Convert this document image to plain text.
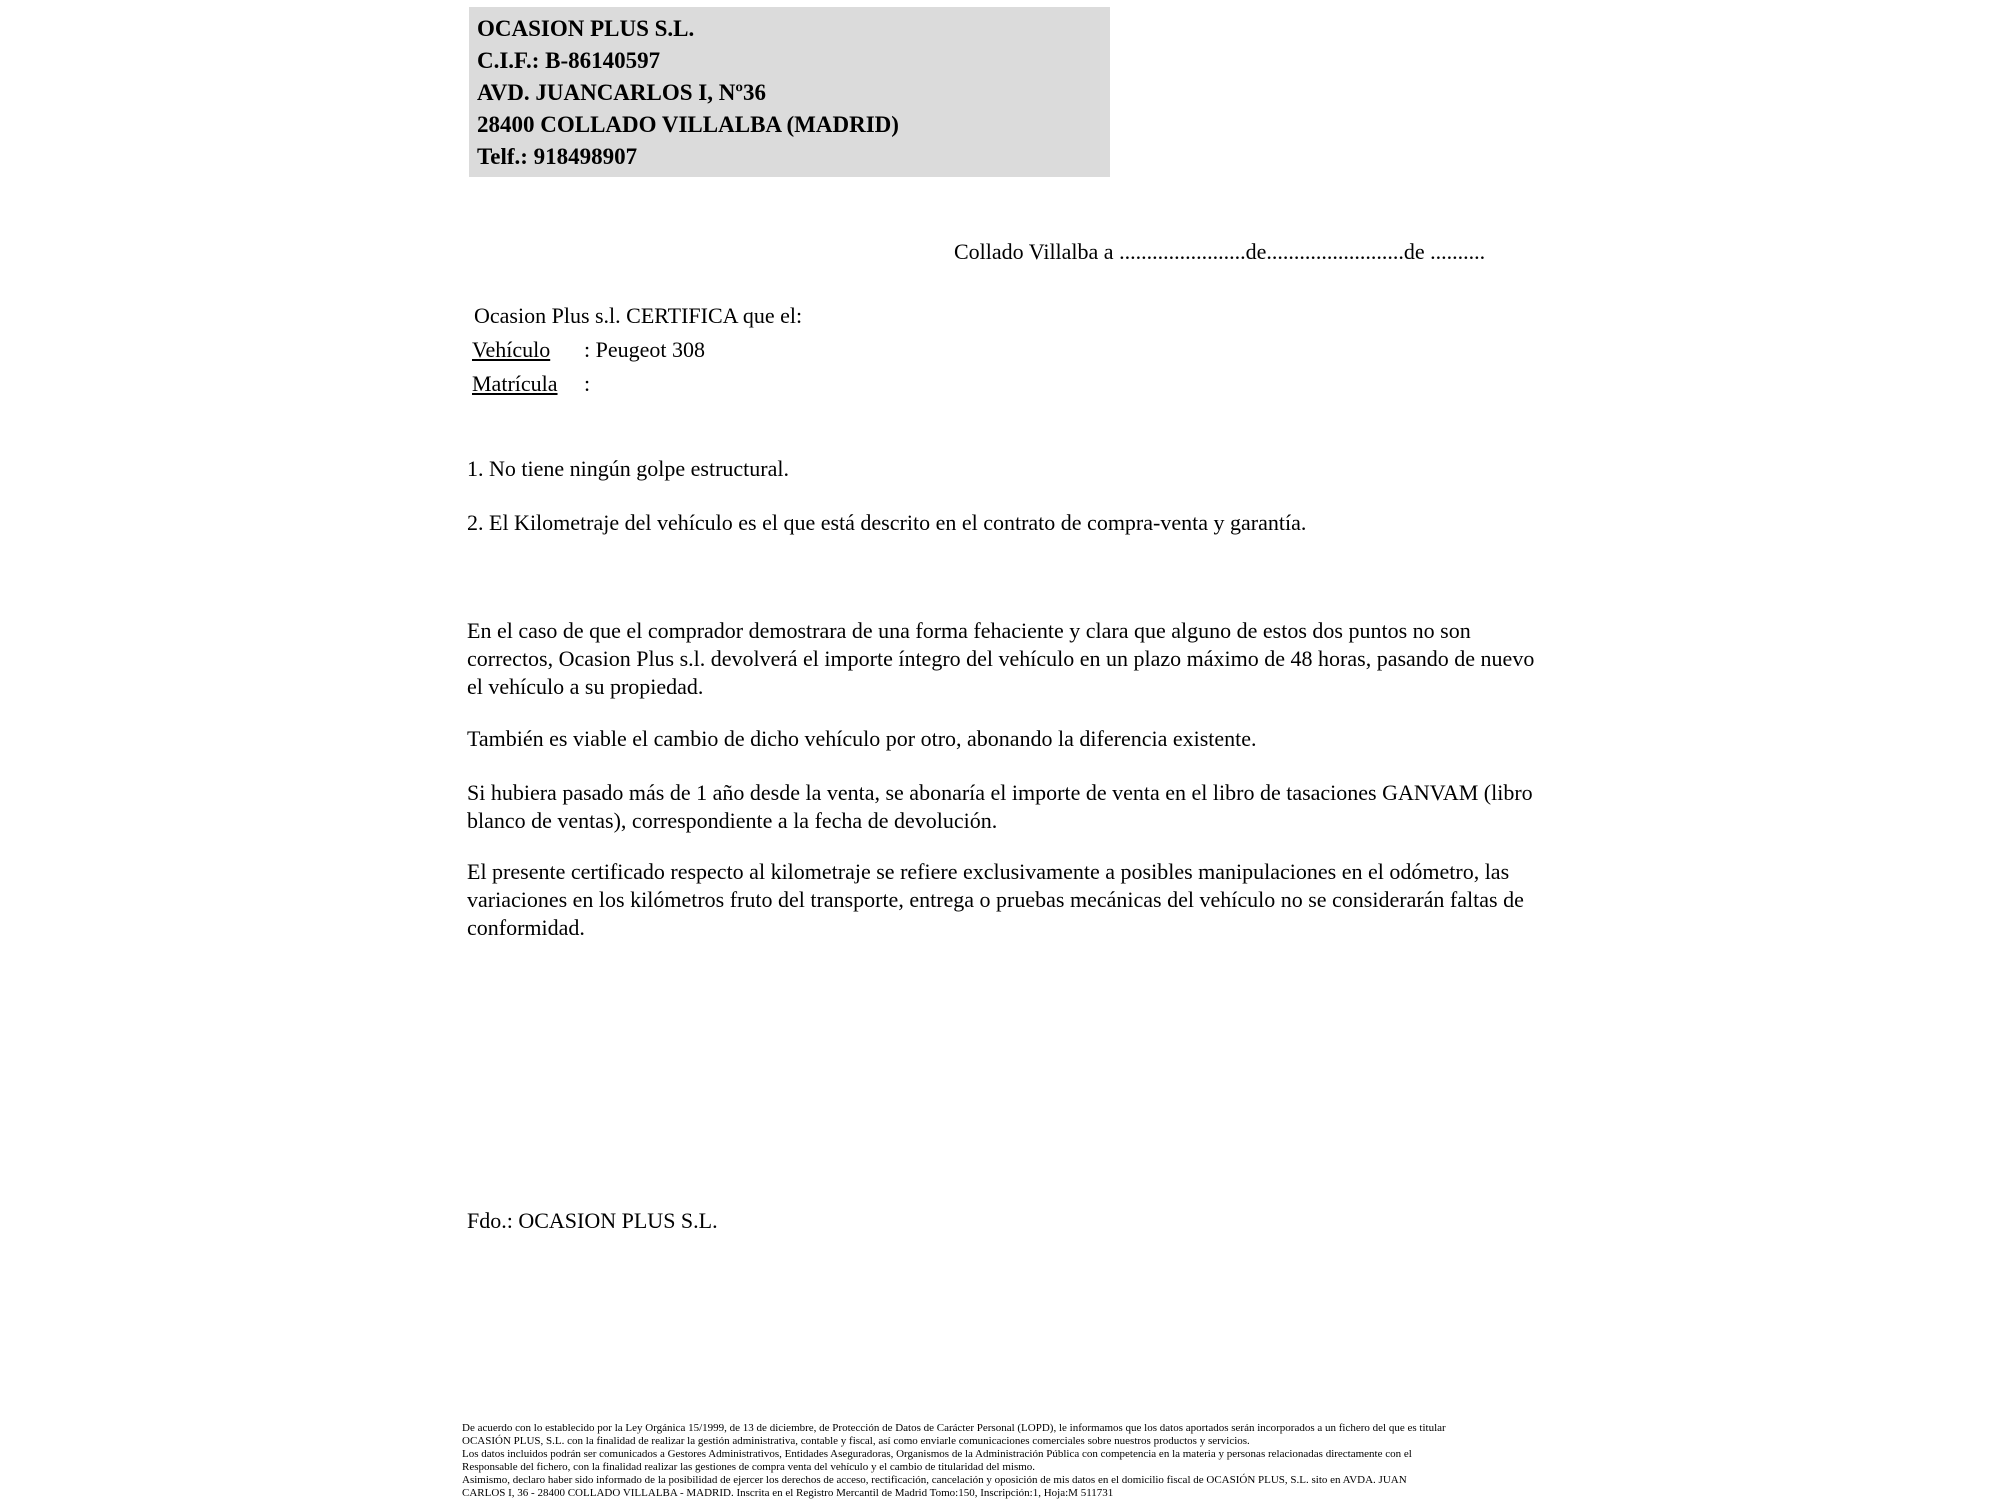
OCASION PLUS S.L.
C.I.F.: B-86140597
AVD. JUANCARLOS I, Nº36
28400 COLLADO VILLALBA (MADRID)
Telf.: 918498907
Collado Villalba a .......................de.........................de ..........
Ocasion Plus s.l. CERTIFICA que el:
Vehículo : Peugeot 308
Matrícula :
1. No tiene ningún golpe estructural.
2. El Kilometraje del vehículo es el que está descrito en el contrato de compra-venta y garantía.
En el caso de que el comprador demostrara de una forma fehaciente y clara que alguno de estos dos puntos no son correctos, Ocasion Plus s.l. devolverá el importe íntegro del vehículo en un plazo máximo de 48 horas, pasando de nuevo el vehículo a su propiedad.
También es viable el cambio de dicho vehículo por otro, abonando la diferencia existente.
Si hubiera pasado más de 1 año desde la venta, se abonaría el importe de venta en el libro de tasaciones GANVAM (libro blanco de ventas), correspondiente a la fecha de devolución.
El presente certificado respecto al kilometraje se refiere exclusivamente a posibles manipulaciones en el odómetro, las variaciones en los kilómetros fruto del transporte, entrega o pruebas mecánicas del vehículo no se considerarán faltas de conformidad.
Fdo.: OCASION PLUS S.L.
De acuerdo con lo establecido por la Ley Orgánica 15/1999, de 13 de diciembre, de Protección de Datos de Carácter Personal (LOPD), le informamos que los datos aportados serán incorporados a un fichero del que es titular
OCASIÓN PLUS, S.L. con la finalidad de realizar la gestión administrativa, contable y fiscal, así como enviarle comunicaciones comerciales sobre nuestros productos y servicios.
Los datos incluidos podrán ser comunicados a Gestores Administrativos, Entidades Aseguradoras, Organismos de la Administración Pública con competencia en la materia y personas relacionadas directamente con el
Responsable del fichero, con la finalidad realizar las gestiones de compra venta del vehículo y el cambio de titularidad del mismo.
Asimismo, declaro haber sido informado de la posibilidad de ejercer los derechos de acceso, rectificación, cancelación y oposición de mis datos en el domicilio fiscal de OCASIÓN PLUS, S.L. sito en AVDA. JUAN
CARLOS I, 36 - 28400 COLLADO VILLALBA - MADRID. Inscrita en el Registro Mercantil de Madrid Tomo:150, Inscripción:1, Hoja:M 511731
